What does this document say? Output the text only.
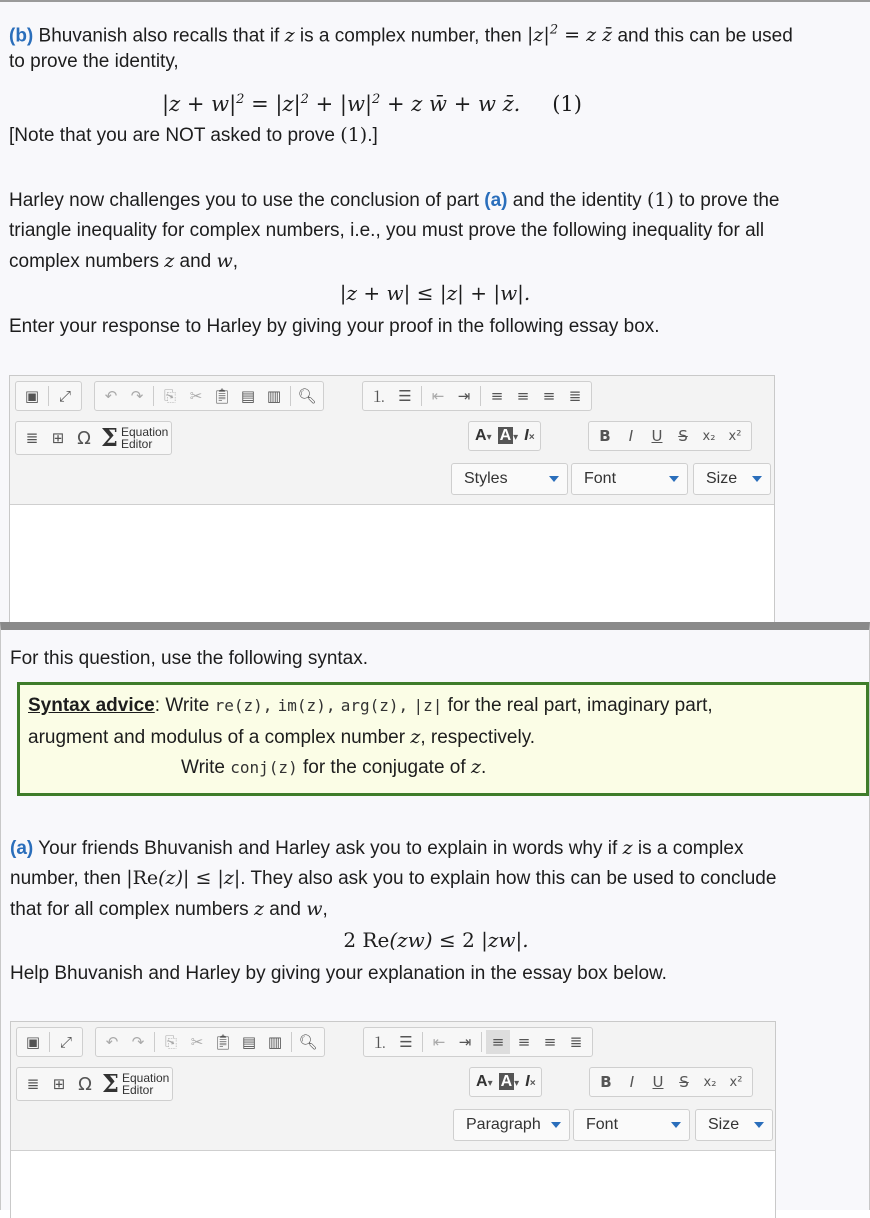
(b) Bhuvanish also recalls that if z is a complex number, then $|z|^2 = z$ z̄ and this can be used
to prove the identity,
$|z + w|^2 = |z|^2 + |w|^2 + z$ w̄ + w z̄. (1)
[Note that you are NOT asked to prove (1).]
Harley now challenges you to use the conclusion of part (a) and the identity (1) to prove the
triangle inequality for complex numbers, i.e., you must prove the following inequality for all
complex numbers z and w,
|z + w| ≤ |z| + |w|.
Enter your response to Harley by giving your proof in the following essay box.
▣	⤢	↶ ↷	⎘ ✂ 📋︎ ▤ ▥	🔍︎	⒈ ☰	⇤ ⇥	≡ ≡ ≡ ≣
≣ ⊞ Ω Σ Equation
Editor	A▾ A ▾ I×	B	I	U	S	x₂	x²
Styles	Font	Size
For this question, use the following syntax.
Syntax advice: Write re(z), im(z), arg(z), |z| for the real part, imaginary part,
arugment and modulus of a complex number z, respectively.
Write conj(z) for the conjugate of z.
(a) Your friends Bhuvanish and Harley ask you to explain in words why if z is a complex
number, then |Re(z)| ≤ |z|. They also ask you to explain how this can be used to conclude
that for all complex numbers z and w,
2 Re(zw) ≤ 2 |zw|.
Help Bhuvanish and Harley by giving your explanation in the essay box below.
▣	⤢	↶ ↷	⎘ ✂ 📋︎ ▤ ▥	🔍︎	⒈ ☰	⇤ ⇥	≡ ≡ ≡ ≣
≣ ⊞ Ω Σ Equation
Editor	A▾ A ▾ I×	B	I	U	S	x₂	x²
Paragraph	Font	Size
